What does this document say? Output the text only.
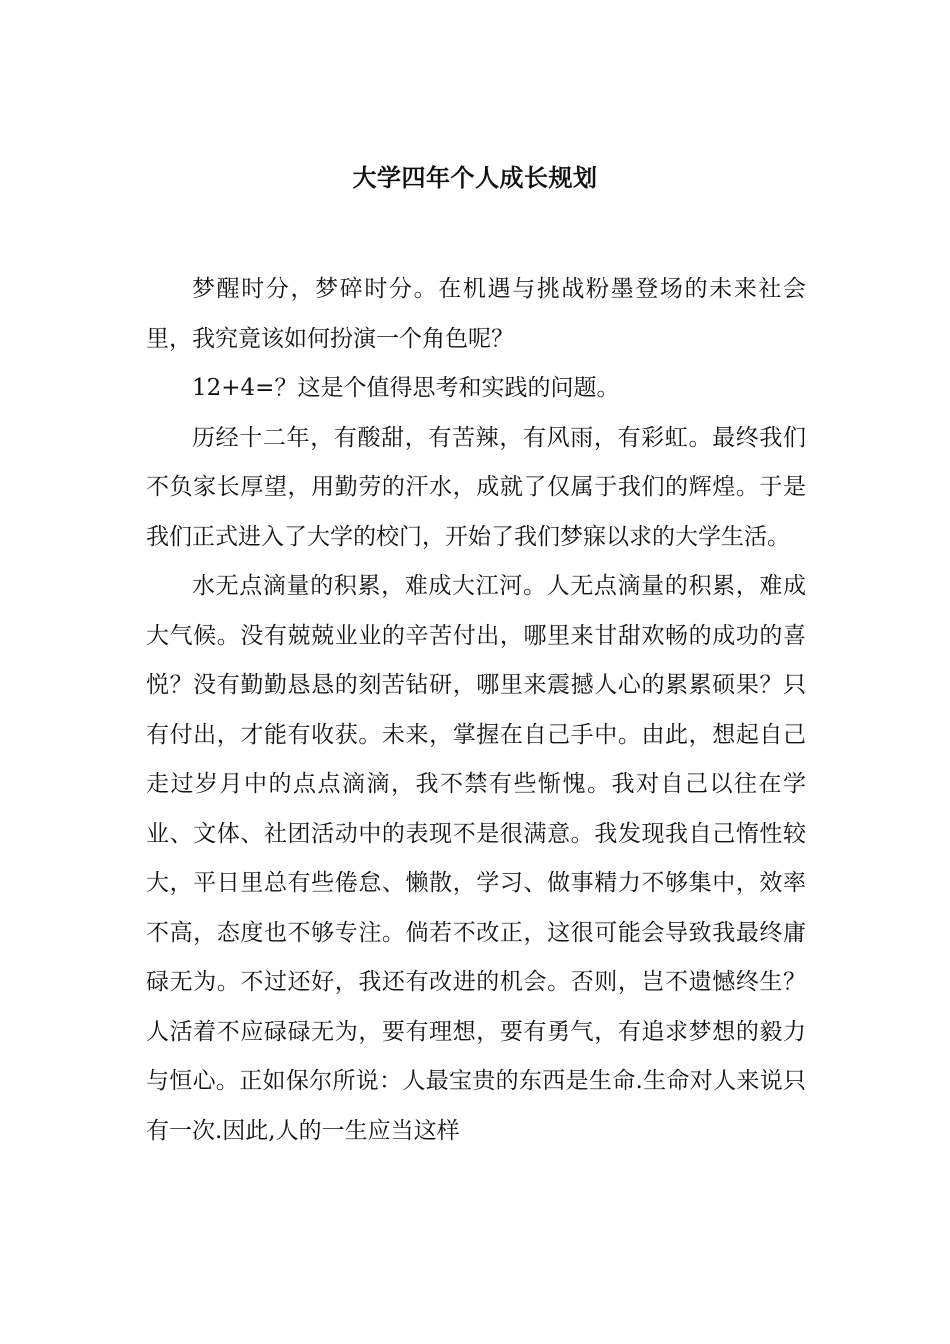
大学四年个人成长规划

梦醒时分，梦碎时分。在机遇与挑战粉墨登场的未来社会里，我究竟该如何扮演一个角色呢？

12+4=？这是个值得思考和实践的问题。

历经十二年，有酸甜，有苦辣，有风雨，有彩虹。最终我们不负家长厚望，用勤劳的汗水，成就了仅属于我们的辉煌。于是我们正式进入了大学的校门，开始了我们梦寐以求的大学生活。

水无点滴量的积累，难成大江河。人无点滴量的积累，难成大气候。没有兢兢业业的辛苦付出，哪里来甘甜欢畅的成功的喜悦？没有勤勤恳恳的刻苦钻研，哪里来震撼人心的累累硕果？只有付出，才能有收获。未来，掌握在自己手中。由此，想起自己走过岁月中的点点滴滴，我不禁有些惭愧。我对自己以往在学业、文体、社团活动中的表现不是很满意。我发现我自己惰性较大，平日里总有些倦怠、懒散，学习、做事精力不够集中，效率不高，态度也不够专注。倘若不改正，这很可能会导致我最终庸碌无为。不过还好，我还有改进的机会。否则，岂不遗憾终生？人活着不应碌碌无为，要有理想，要有勇气，有追求梦想的毅力与恒心。正如保尔所说：人最宝贵的东西是生命.生命对人来说只有一次.因此,人的一生应当这样
